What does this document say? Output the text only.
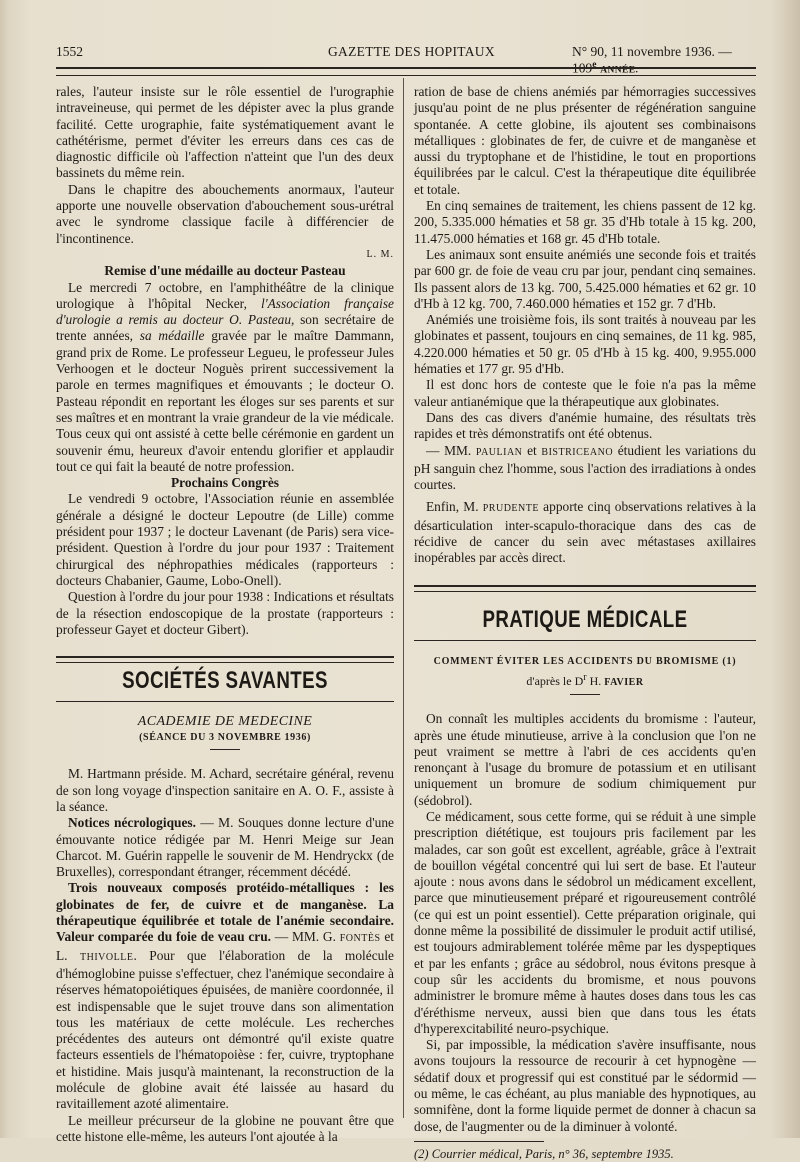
1552	GAZETTE DES HOPITAUX	N° 90, 11 novembre 1936. — 109e ANNÉE.

rales, l'auteur insiste sur le rôle essentiel de l'urographie intraveineuse, qui permet de les dépister avec la plus grande facilité. Cette urographie, faite systématiquement avant le cathétérisme, permet d'éviter les erreurs dans ces cas de diagnostic difficile où l'affection n'atteint que l'un des deux bassinets du même rein.

Dans le chapitre des abouchements anormaux, l'auteur apporte une nouvelle observation d'abouchement sous-urétral avec le syndrome classique facile à différencier de l'incontinence.

L. M.

Remise d'une médaille au docteur Pasteau

Le mercredi 7 octobre, en l'amphithéâtre de la clinique urologique à l'hôpital Necker, l'Association française d'urologie a remis au docteur O. Pasteau, son secrétaire de trente années, sa médaille gravée par le maître Dammann, grand prix de Rome. Le professeur Legueu, le professeur Jules Verhoogen et le docteur Noguès prirent successivement la parole en termes magnifiques et émouvants ; le docteur O. Pasteau répondit en reportant les éloges sur ses parents et sur ses maîtres et en montrant la vraie grandeur de la vie médicale. Tous ceux qui ont assisté à cette belle cérémonie en gardent un souvenir ému, heureux d'avoir entendu glorifier et applaudir tout ce qui fait la beauté de notre profession.

Prochains Congrès

Le vendredi 9 octobre, l'Association réunie en assemblée générale a désigné le docteur Lepoutre (de Lille) comme président pour 1937 ; le docteur Lavenant (de Paris) sera vice-président. Question à l'ordre du jour pour 1937 : Traitement chirurgical des néphropathies médicales (rapporteurs : docteurs Chabanier, Gaume, Lobo-Onell).

Question à l'ordre du jour pour 1938 : Indications et résultats de la résection endoscopique de la prostate (rapporteurs : professeur Gayet et docteur Gibert).

SOCIÉTÉS SAVANTES

ACADEMIE DE MEDECINE

(SÉANCE DU 3 NOVEMBRE 1936)

M. Hartmann préside. M. Achard, secrétaire général, revenu de son long voyage d'inspection sanitaire en A. O. F., assiste à la séance.

Notices nécrologiques. — M. Souques donne lecture d'une émouvante notice rédigée par M. Henri Meige sur Jean Charcot. M. Guérin rappelle le souvenir de M. Hendryckx (de Bruxelles), correspondant étranger, récemment décédé.

Trois nouveaux composés protéido-métalliques : les globinates de fer, de cuivre et de manganèse. La thérapeutique équilibrée et totale de l'anémie secondaire. Valeur comparée du foie de veau cru. — MM. G. FONTÈS et L. THIVOLLE. Pour que l'élaboration de la molécule d'hémoglobine puisse s'effectuer, chez l'anémique secondaire à réserves hématopoiétiques épuisées, de manière coordonnée, il est indispensable que le sujet trouve dans son alimentation tous les matériaux de cette molécule. Les recherches précédentes des auteurs ont démontré qu'il existe quatre facteurs essentiels de l'hématopoièse : fer, cuivre, tryptophane et histidine. Mais jusqu'à maintenant, la reconstruction de la molécule de globine avait été laissée au hasard du ravitaillement azoté alimentaire.

Le meilleur précurseur de la globine ne pouvant être que cette histone elle-même, les auteurs l'ont ajoutée à la

ration de base de chiens anémiés par hémorragies successives jusqu'au point de ne plus présenter de régénération sanguine spontanée. A cette globine, ils ajoutent ses combinaisons métalliques : globinates de fer, de cuivre et de manganèse et aussi du tryptophane et de l'histidine, le tout en proportions équilibrées par le calcul. C'est la thérapeutique dite équilibrée et totale.

En cinq semaines de traitement, les chiens passent de 12 kg. 200, 5.335.000 hématies et 58 gr. 35 d'Hb totale à 15 kg. 200, 11.475.000 hématies et 168 gr. 45 d'Hb totale.

Les animaux sont ensuite anémiés une seconde fois et traités par 600 gr. de foie de veau cru par jour, pendant cinq semaines. Ils passent alors de 13 kg. 700, 5.425.000 hématies et 62 gr. 10 d'Hb à 12 kg. 700, 7.460.000 hématies et 152 gr. 7 d'Hb.

Anémiés une troisième fois, ils sont traités à nouveau par les globinates et passent, toujours en cinq semaines, de 11 kg. 985, 4.220.000 hématies et 50 gr. 05 d'Hb à 15 kg. 400, 9.955.000 hématies et 177 gr. 95 d'Hb.

Il est donc hors de conteste que le foie n'a pas la même valeur antianémique que la thérapeutique aux globinates.

Dans des cas divers d'anémie humaine, des résultats très rapides et très démonstratifs ont été obtenus.

— MM. PAULIAN et BISTRICEANO étudient les variations du pH sanguin chez l'homme, sous l'action des irradiations à ondes courtes.

Enfin, M. PRUDENTE apporte cinq observations relatives à la désarticulation inter-scapulo-thoracique dans des cas de récidive de cancer du sein avec métastases axillaires inopérables par accès direct.

PRATIQUE MÉDICALE

COMMENT ÉVITER LES ACCIDENTS DU BROMISME (1)

d'après le $D^r$ H. FAVIER

On connaît les multiples accidents du bromisme : l'auteur, après une étude minutieuse, arrive à la conclusion que l'on ne peut vraiment se mettre à l'abri de ces accidents qu'en renonçant à l'usage du bromure de potassium et en utilisant uniquement un bromure de sodium chimiquement pur (sédobrol).

Ce médicament, sous cette forme, qui se réduit à une simple prescription diététique, est toujours pris facilement par les malades, car son goût est excellent, agréable, grâce à l'extrait de bouillon végétal concentré qui lui sert de base. Et l'auteur ajoute : nous avons dans le sédobrol un médicament excellent, parce que minutieusement préparé et rigoureusement contrôlé (ce qui est un point essentiel). Cette préparation originale, qui donne même la possibilité de dissimuler le produit actif utilisé, est toujours admirablement tolérée même par les dyspeptiques et par les enfants ; grâce au sédobrol, nous évitons presque à coup sûr les accidents du bromisme, et nous pouvons administrer le bromure même à hautes doses dans tous les cas d'éréthisme nerveux, aussi bien que dans tous les états d'hyperexcitabilité neuro-psychique.

Si, par impossible, la médication s'avère insuffisante, nous avons toujours la ressource de recourir à cet hypnogène — sédatif doux et progressif qui est constitué par le sédormid — ou même, le cas échéant, au plus maniable des hypnotiques, au somnifène, dont la forme liquide permet de donner à chacun sa dose, de l'augmenter ou de la diminuer à volonté.

(2) Courrier médical, Paris, n° 36, septembre 1935.
